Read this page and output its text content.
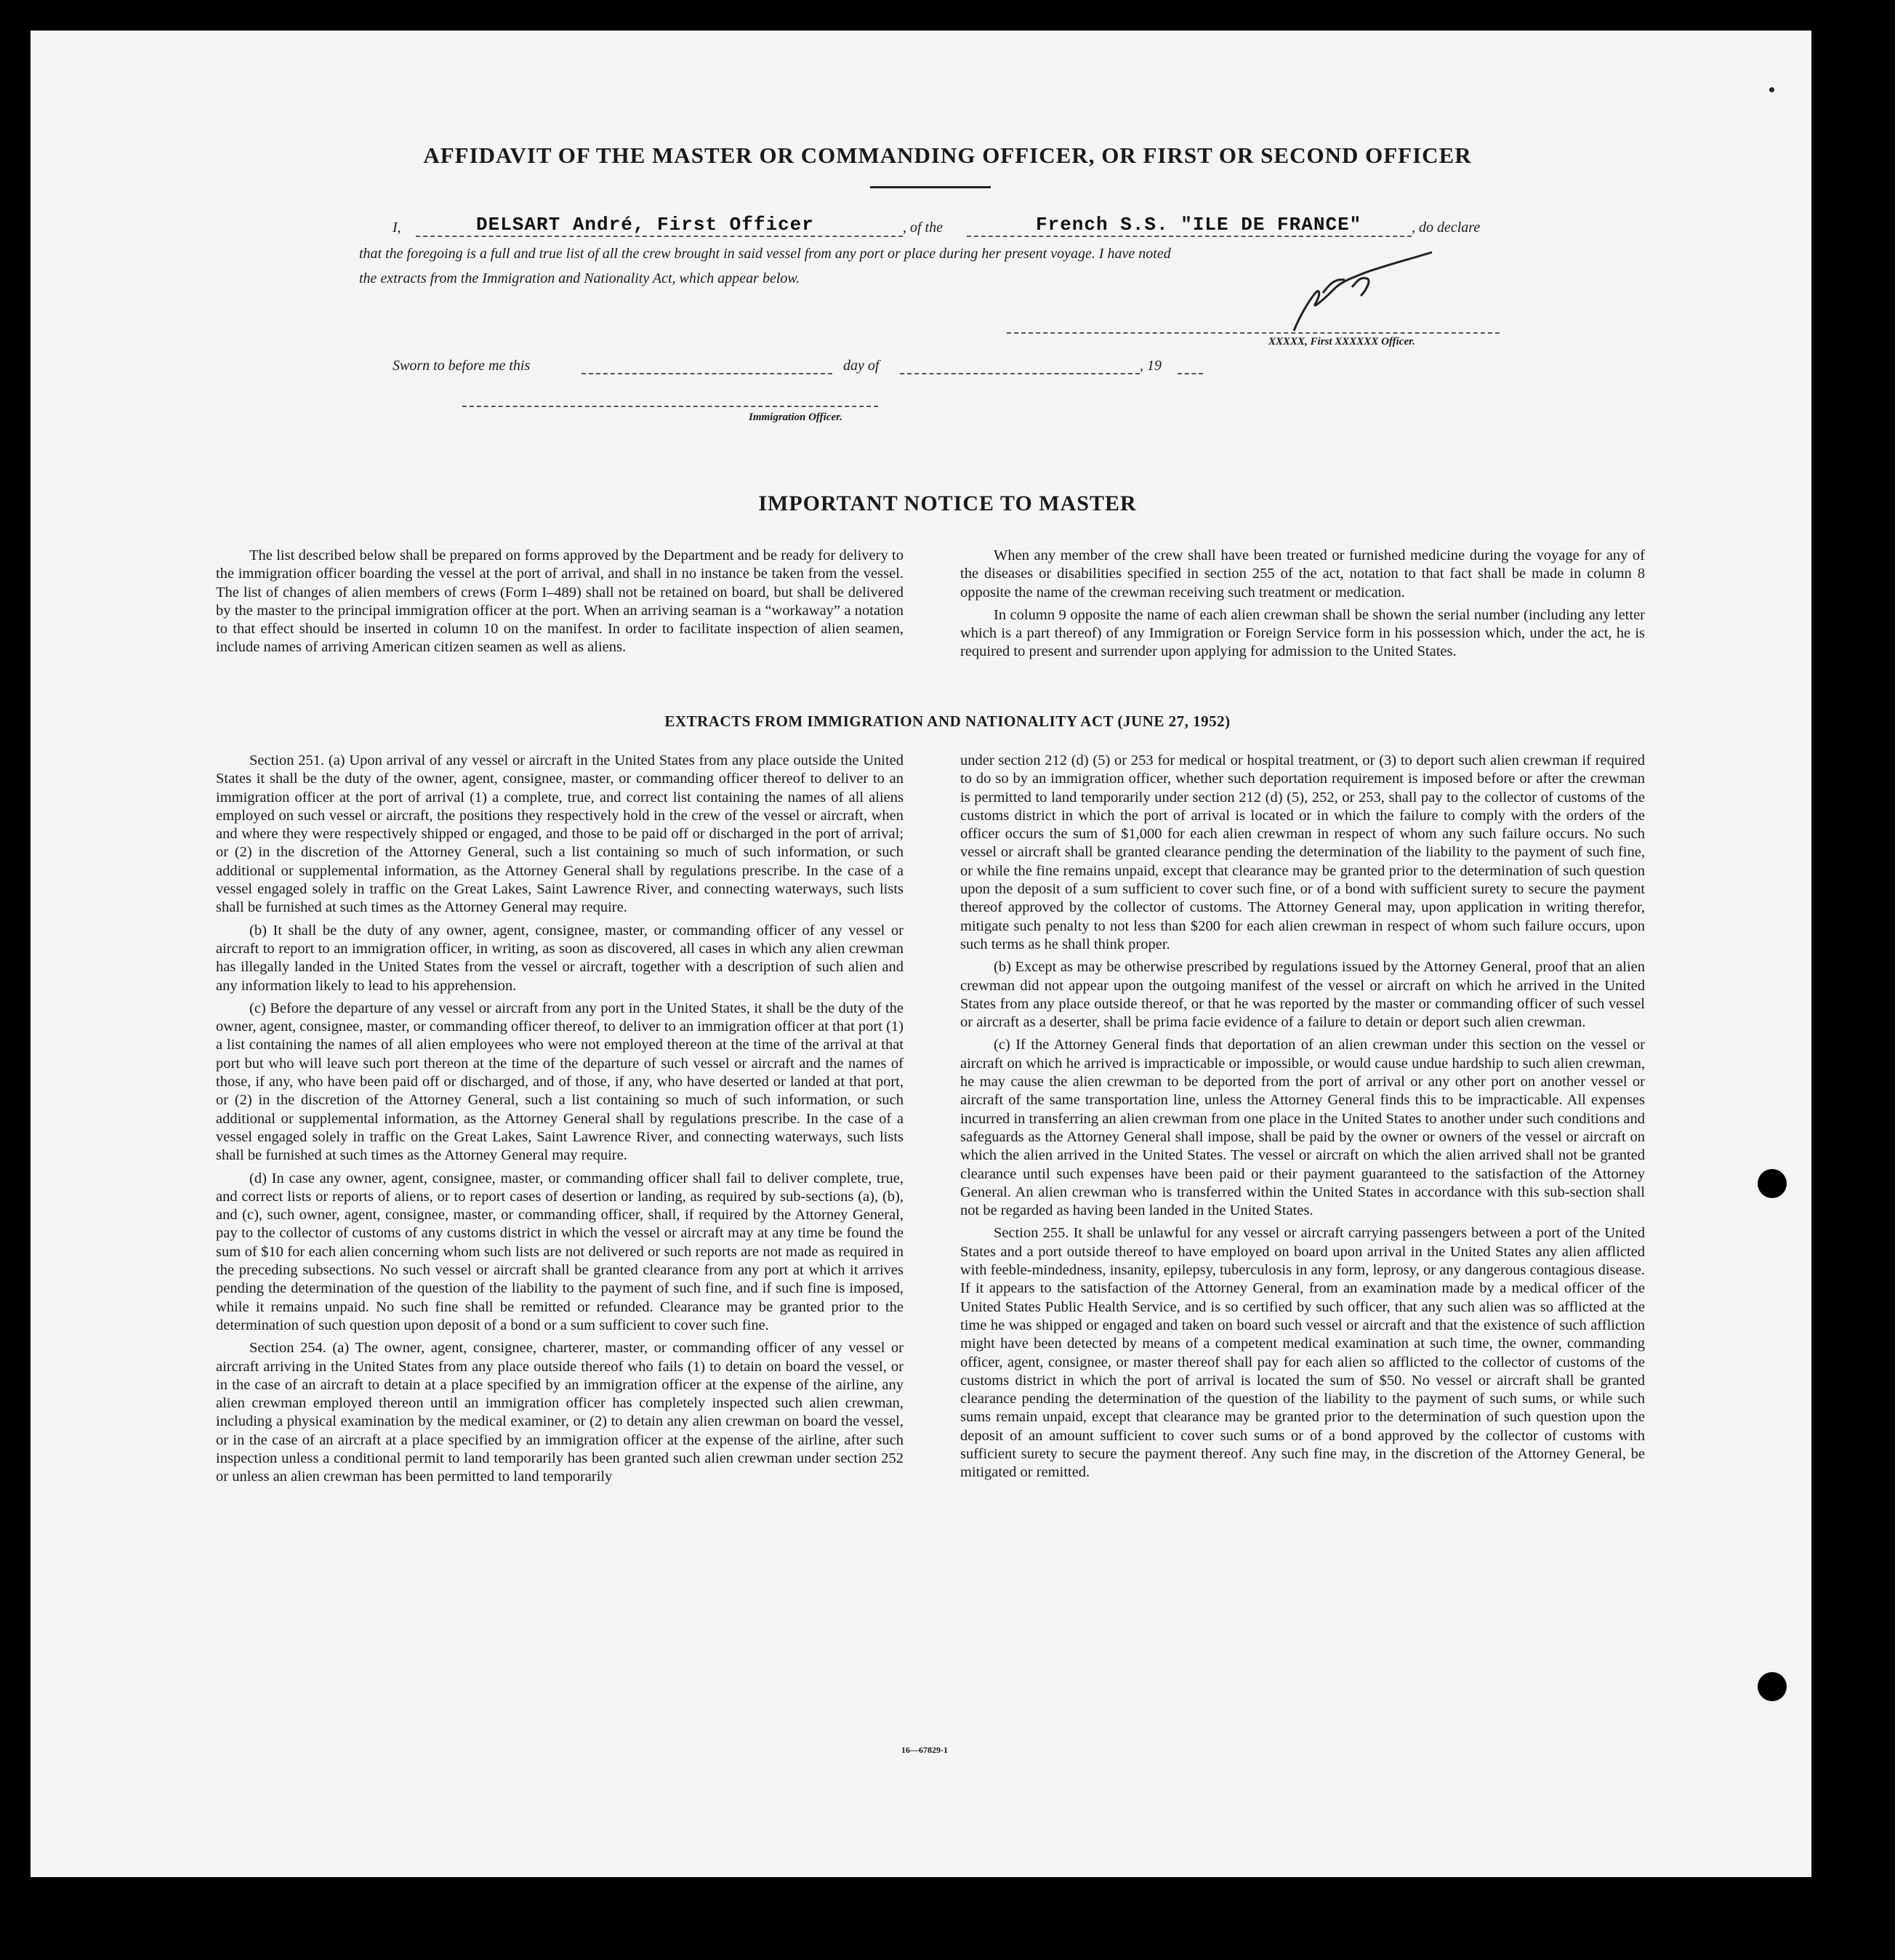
AFFIDAVIT OF THE MASTER OR COMMANDING OFFICER, OR FIRST OR SECOND OFFICER
I,	DELSART André, First Officer	, of the	French S.S. "ILE DE FRANCE"	, do declare
that the foregoing is a full and true list of all the crew brought in said vessel from any port or place during her present voyage. I have noted
the extracts from the Immigration and Nationality Act, which appear below.
XXXXX, First XXXXXX Officer.
Sworn to before me this	day of	, 19
Immigration Officer.
IMPORTANT NOTICE TO MASTER

The list described below shall be prepared on forms approved by the Department and be ready for delivery to the immigration officer boarding the vessel at the port of arrival, and shall in no instance be taken from the vessel. The list of changes of alien members of crews (Form I–489) shall not be retained on board, but shall be delivered by the master to the principal immigration officer at the port. When an arriving seaman is a “workaway” a notation to that effect should be inserted in column 10 on the manifest. In order to facilitate inspection of alien seamen, include names of arriving American citizen seamen as well as aliens.

When any member of the crew shall have been treated or furnished medicine during the voyage for any of the diseases or disabilities specified in section 255 of the act, notation to that fact shall be made in column 8 opposite the name of the crewman receiving such treatment or medication.

In column 9 opposite the name of each alien crewman shall be shown the serial number (including any letter which is a part thereof) of any Immigration or Foreign Service form in his possession which, under the act, he is required to present and surrender upon applying for admission to the United States.

EXTRACTS FROM IMMIGRATION AND NATIONALITY ACT (JUNE 27, 1952)

Section 251. (a) Upon arrival of any vessel or aircraft in the United States from any place outside the United States it shall be the duty of the owner, agent, consignee, master, or commanding officer thereof to deliver to an immigration officer at the port of arrival (1) a complete, true, and correct list containing the names of all aliens employed on such vessel or aircraft, the positions they respectively hold in the crew of the vessel or aircraft, when and where they were respectively shipped or engaged, and those to be paid off or discharged in the port of arrival; or (2) in the discretion of the Attorney General, such a list containing so much of such information, or such additional or supplemental information, as the Attorney General shall by regulations prescribe. In the case of a vessel engaged solely in traffic on the Great Lakes, Saint Lawrence River, and connecting waterways, such lists shall be furnished at such times as the Attorney General may require.

(b) It shall be the duty of any owner, agent, consignee, master, or commanding officer of any vessel or aircraft to report to an immigration officer, in writing, as soon as discovered, all cases in which any alien crewman has illegally landed in the United States from the vessel or aircraft, together with a description of such alien and any information likely to lead to his apprehension.

(c) Before the departure of any vessel or aircraft from any port in the United States, it shall be the duty of the owner, agent, consignee, master, or commanding officer thereof, to deliver to an immigration officer at that port (1) a list containing the names of all alien employees who were not employed thereon at the time of the arrival at that port but who will leave such port thereon at the time of the departure of such vessel or aircraft and the names of those, if any, who have been paid off or discharged, and of those, if any, who have deserted or landed at that port, or (2) in the discretion of the Attorney General, such a list containing so much of such information, or such additional or supplemental information, as the Attorney General shall by regulations prescribe. In the case of a vessel engaged solely in traffic on the Great Lakes, Saint Lawrence River, and connecting waterways, such lists shall be furnished at such times as the Attorney General may require.

(d) In case any owner, agent, consignee, master, or commanding officer shall fail to deliver complete, true, and correct lists or reports of aliens, or to report cases of desertion or landing, as required by sub-sections (a), (b), and (c), such owner, agent, consignee, master, or commanding officer, shall, if required by the Attorney General, pay to the collector of customs of any customs district in which the vessel or aircraft may at any time be found the sum of $10 for each alien concerning whom such lists are not delivered or such reports are not made as required in the preceding subsections. No such vessel or aircraft shall be granted clearance from any port at which it arrives pending the determination of the question of the liability to the payment of such fine, and if such fine is imposed, while it remains unpaid. No such fine shall be remitted or refunded. Clearance may be granted prior to the determination of such question upon deposit of a bond or a sum sufficient to cover such fine.

Section 254. (a) The owner, agent, consignee, charterer, master, or commanding officer of any vessel or aircraft arriving in the United States from any place outside thereof who fails (1) to detain on board the vessel, or in the case of an aircraft to detain at a place specified by an immigration officer at the expense of the airline, any alien crewman employed thereon until an immigration officer has completely inspected such alien crewman, including a physical examination by the medical examiner, or (2) to detain any alien crewman on board the vessel, or in the case of an aircraft at a place specified by an immigration officer at the expense of the airline, after such inspection unless a conditional permit to land temporarily has been granted such alien crewman under section 252 or unless an alien crewman has been permitted to land temporarily

under section 212 (d) (5) or 253 for medical or hospital treatment, or (3) to deport such alien crewman if required to do so by an immigration officer, whether such deportation requirement is imposed before or after the crewman is permitted to land temporarily under section 212 (d) (5), 252, or 253, shall pay to the collector of customs of the customs district in which the port of arrival is located or in which the failure to comply with the orders of the officer occurs the sum of $1,000 for each alien crewman in respect of whom any such failure occurs. No such vessel or aircraft shall be granted clearance pending the determination of the liability to the payment of such fine, or while the fine remains unpaid, except that clearance may be granted prior to the determination of such question upon the deposit of a sum sufficient to cover such fine, or of a bond with sufficient surety to secure the payment thereof approved by the collector of customs. The Attorney General may, upon application in writing therefor, mitigate such penalty to not less than $200 for each alien crewman in respect of whom such failure occurs, upon such terms as he shall think proper.

(b) Except as may be otherwise prescribed by regulations issued by the Attorney General, proof that an alien crewman did not appear upon the outgoing manifest of the vessel or aircraft on which he arrived in the United States from any place outside thereof, or that he was reported by the master or commanding officer of such vessel or aircraft as a deserter, shall be prima facie evidence of a failure to detain or deport such alien crewman.

(c) If the Attorney General finds that deportation of an alien crewman under this section on the vessel or aircraft on which he arrived is impracticable or impossible, or would cause undue hardship to such alien crewman, he may cause the alien crewman to be deported from the port of arrival or any other port on another vessel or aircraft of the same transportation line, unless the Attorney General finds this to be impracticable. All expenses incurred in transferring an alien crewman from one place in the United States to another under such conditions and safeguards as the Attorney General shall impose, shall be paid by the owner or owners of the vessel or aircraft on which the alien arrived in the United States. The vessel or aircraft on which the alien arrived shall not be granted clearance until such expenses have been paid or their payment guaranteed to the satisfaction of the Attorney General. An alien crewman who is transferred within the United States in accordance with this sub-section shall not be regarded as having been landed in the United States.

Section 255. It shall be unlawful for any vessel or aircraft carrying passengers between a port of the United States and a port outside thereof to have employed on board upon arrival in the United States any alien afflicted with feeble-mindedness, insanity, epilepsy, tuberculosis in any form, leprosy, or any dangerous contagious disease. If it appears to the satisfaction of the Attorney General, from an examination made by a medical officer of the United States Public Health Service, and is so certified by such officer, that any such alien was so afflicted at the time he was shipped or engaged and taken on board such vessel or aircraft and that the existence of such affliction might have been detected by means of a competent medical examination at such time, the owner, commanding officer, agent, consignee, or master thereof shall pay for each alien so afflicted to the collector of customs of the customs district in which the port of arrival is located the sum of $50. No vessel or aircraft shall be granted clearance pending the determination of the question of the liability to the payment of such sums, or while such sums remain unpaid, except that clearance may be granted prior to the determination of such question upon the deposit of an amount sufficient to cover such sums or of a bond approved by the collector of customs with sufficient surety to secure the payment thereof. Any such fine may, in the discretion of the Attorney General, be mitigated or remitted.

16—67829-1
